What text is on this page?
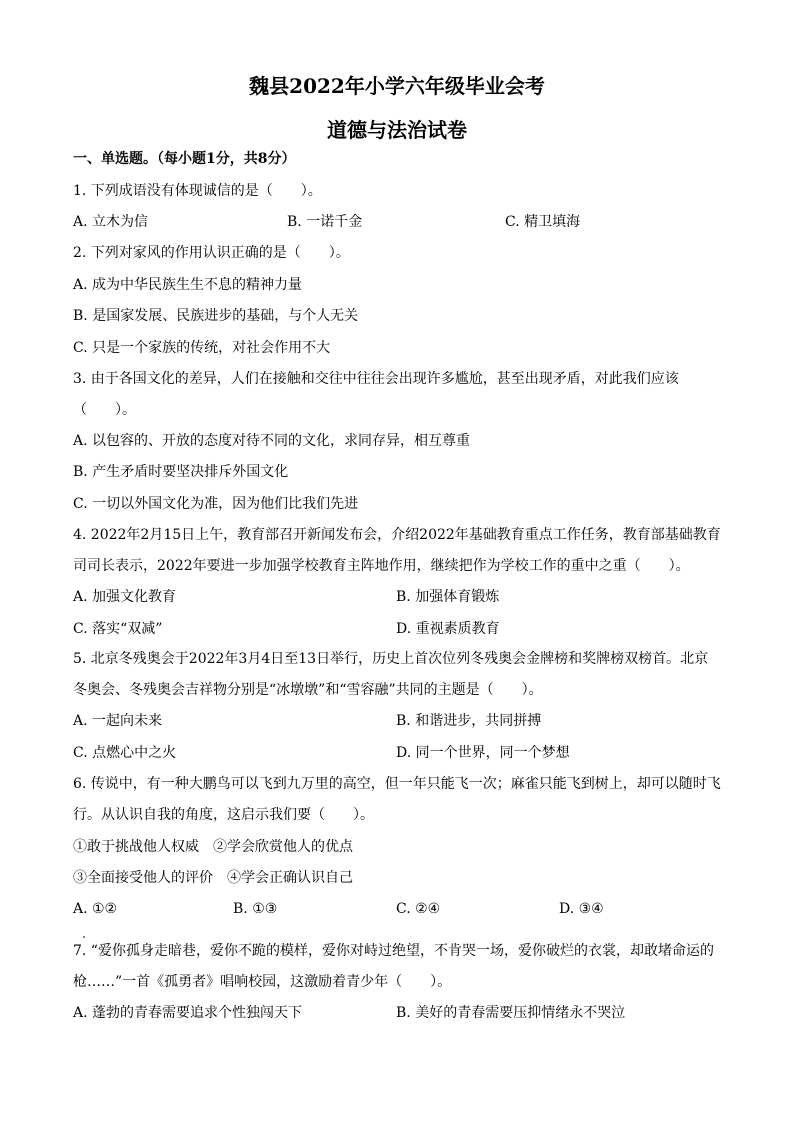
魏县2022年小学六年级毕业会考
道德与法治试卷
一、单选题。（每小题1分，共8分）
1. 下列成语没有体现诚信的是（　　）。
A. 立木为信	B. 一诺千金	C. 精卫填海
2. 下列对家风的作用认识正确的是（　　）。
A. 成为中华民族生生不息的精神力量
B. 是国家发展、民族进步的基础，与个人无关
C. 只是一个家族的传统，对社会作用不大
3. 由于各国文化的差异，人们在接触和交往中往往会出现许多尴尬，甚至出现矛盾，对此我们应该
（　　）。
A. 以包容的、开放的态度对待不同的文化，求同存异，相互尊重
B. 产生矛盾时要坚决排斥外国文化
C. 一切以外国文化为准，因为他们比我们先进
4. 2022年2月15日上午，教育部召开新闻发布会，介绍2022年基础教育重点工作任务，教育部基础教育
司司长表示，2022年要进一步加强学校教育主阵地作用，继续把作为学校工作的重中之重（　　）。
A. 加强文化教育	B. 加强体育锻炼
C. 落实“双减”	D. 重视素质教育
5. 北京冬残奥会于2022年3月4日至13日举行，历史上首次位列冬残奥会金牌榜和奖牌榜双榜首。北京
冬奥会、冬残奥会吉祥物分别是“冰墩墩”和“雪容融”共同的主题是（　　）。
A. 一起向未来	B. 和谐进步，共同拼搏
C. 点燃心中之火	D. 同一个世界，同一个梦想
6. 传说中，有一种大鹏鸟可以飞到九万里的高空，但一年只能飞一次；麻雀只能飞到树上，却可以随时飞
行。从认识自我的角度，这启示我们要（　　）。
①敢于挑战他人权威　②学会欣赏他人的优点
③全面接受他人的评价　④学会正确认识自己
A. ①②	B. ①③	C. ②④	D. ③④
7. “爱你孤身走暗巷，爱你不跪的模样，爱你对峙过绝望，不肯哭一场，爱你破烂的衣裳，却敢堵命运的
枪……”一首《孤勇者》唱响校园，这激励着青少年（　　）。
A. 蓬勃的青春需要追求个性独闯天下	B. 美好的青春需要压抑情绪永不哭泣
